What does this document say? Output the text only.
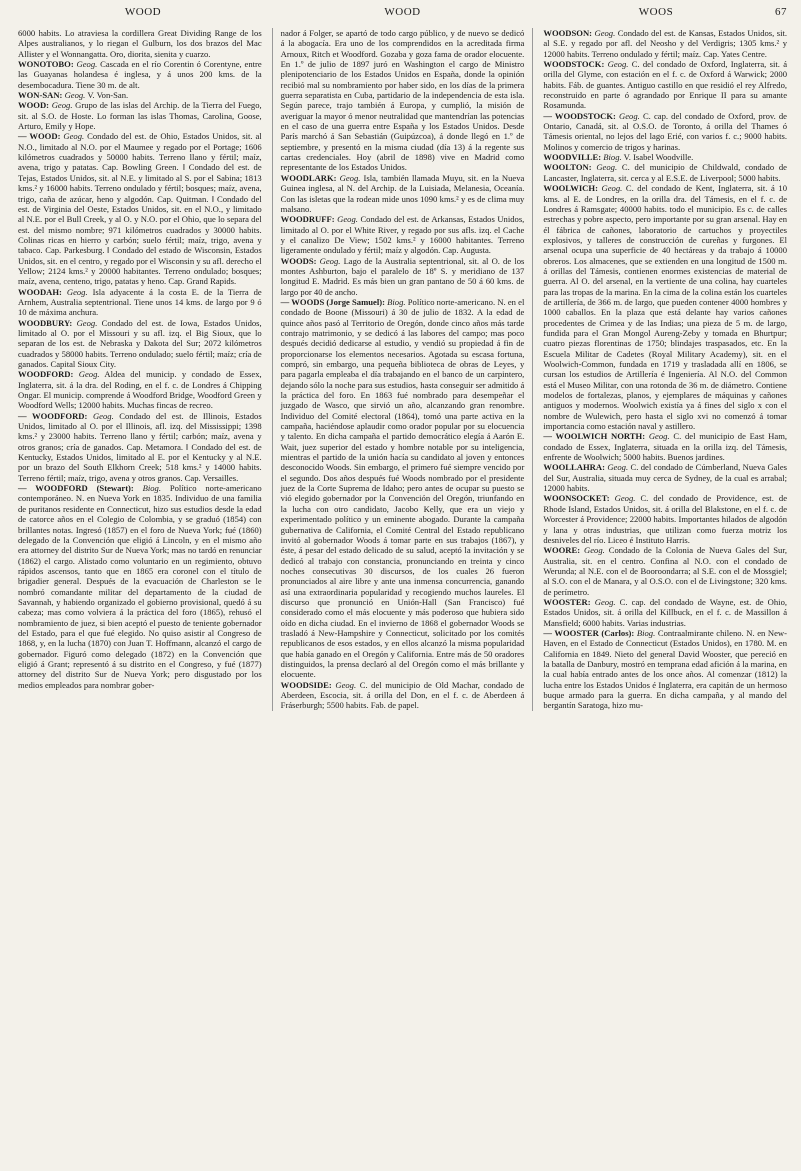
WOOD	WOOD	WOOS	67

6000 habits. Lo atraviesa la cordillera Great Dividing Range de los Alpes australianos, y lo riegan el Gulburn, los dos brazos del Mac Allister y el Wonnangatta. Oro, diorita, sienita y cuarzo.

WONOTOBO: Geog. Cascada en el río Corentin ó Corentyne, entre las Guayanas holandesa é inglesa, y á unos 200 kms. de la desembocadura. Tiene 30 m. de alt.

WON-SAN: Geog. V. Von-San.

WOOD: Geog. Grupo de las islas del Archip. de la Tierra del Fuego, sit. al S.O. de Hoste. Lo forman las islas Thomas, Carolina, Goose, Arturo, Emily y Hope.

— WOOD: Geog. Condado del est. de Ohio, Estados Unidos, sit. al N.O., limitado al N.O. por el Maumee y regado por el Portage; 1606 kilómetros cuadrados y 50000 habits. Terreno llano y fértil; maíz, avena, trigo y patatas. Cap. Bowling Green. ‖ Condado del est. de Tejas, Estados Unidos, sit. al N.E. y limitado al S. por el Sabina; 1813 kms.² y 16000 habits. Terreno ondulado y fértil; bosques; maíz, avena, trigo, caña de azúcar, heno y algodón. Cap. Quitman. ‖ Condado del est. de Virginia del Oeste, Estados Unidos, sit. en el N.O., y limitado al N.E. por el Bull Creek, y al O. y N.O. por el Ohio, que lo separa del est. del mismo nombre; 971 kilómetros cuadrados y 30000 habits. Colinas ricas en hierro y carbón; suelo fértil; maíz, trigo, avena y tabaco. Cap. Parkesburg. ‖ Condado del estado de Wisconsin, Estados Unidos, sit. en el centro, y regado por el Wisconsin y su afl. derecho el Yellow; 2124 kms.² y 20000 habitantes. Terreno ondulado; bosques; maíz, avena, centeno, trigo, patatas y heno. Cap. Grand Rapids.

WOODAH: Geog. Isla adyacente á la costa E. de la Tierra de Arnhem, Australia septentrional. Tiene unos 14 kms. de largo por 9 ó 10 de máxima anchura.

WOODBURY: Geog. Condado del est. de Iowa, Estados Unidos, limitado al O. por el Missouri y su afl. izq. el Big Sioux, que lo separan de los est. de Nebraska y Dakota del Sur; 2072 kilómetros cuadrados y 58000 habits. Terreno ondulado; suelo fértil; maíz; cría de ganados. Capital Sioux City.

WOODFORD: Geog. Aldea del municip. y condado de Essex, Inglaterra, sit. á la dra. del Roding, en el f. c. de Londres á Chipping Ongar. El municip. comprende á Woodford Bridge, Woodford Green y Woodford Wells; 12000 habits. Muchas fincas de recreo.

— WOODFORD: Geog. Condado del est. de Illinois, Estados Unidos, limitado al O. por el Illinois, afl. izq. del Mississippi; 1398 kms.² y 23000 habits. Terreno llano y fértil; carbón; maíz, avena y otros granos; cría de ganados. Cap. Metamora. ‖ Condado del est. de Kentucky, Estados Unidos, limitado al E. por el Kentucky y al N.E. por un brazo del South Elkhorn Creek; 518 kms.² y 14000 habits. Terreno fértil; maíz, trigo, avena y otros granos. Cap. Versailles.

— WOODFORD (Stewart): Biog. Político norte-americano contemporáneo. N. en Nueva York en 1835. Individuo de una familia de puritanos residente en Connecticut, hizo sus estudios desde la edad de catorce años en el Colegio de Colombia, y se graduó (1854) con brillantes notas. Ingresó (1857) en el foro de Nueva York; fué (1860) delegado de la Convención que eligió á Lincoln, y en el mismo año era attorney del distrito Sur de Nueva York; mas no tardó en renunciar (1862) el cargo. Alistado como voluntario en un regimiento, obtuvo rápidos ascensos, tanto que en 1865 era coronel con el título de brigadier general. Después de la evacuación de Charleston se le nombró comandante militar del departamento de la ciudad de Savannah, y habiendo organizado el gobierno provisional, quedó á su cabeza; mas como volviera á la práctica del foro (1865), rehusó el nombramiento de juez, si bien aceptó el puesto de teniente gobernador del Estado, para el que fué elegido. No quiso asistir al Congreso de 1868, y, en la lucha (1870) con Juan T. Hoffmann, alcanzó el cargo de gobernador. Figuró como delegado (1872) en la Convención que eligió á Grant; representó á su distrito en el Congreso, y fué (1877) attorney del distrito Sur de Nueva York; pero disgustado por los medios empleados para nombrar gober-

nador á Folger, se apartó de todo cargo público, y de nuevo se dedicó á la abogacía. Era uno de los comprendidos en la acreditada firma Arnoux, Ritch et Woodford. Gozaba y goza fama de orador elocuente. En 1.º de julio de 1897 juró en Washington el cargo de Ministro plenipotenciario de los Estados Unidos en España, donde la opinión recibió mal su nombramiento por haber sido, en los días de la primera guerra separatista en Cuba, partidario de la independencia de esta isla. Según parece, trajo también á Europa, y cumplió, la misión de averiguar la mayor ó menor neutralidad que mantendrían las potencias en el caso de una guerra entre España y los Estados Unidos. Desde París marchó á San Sebastián (Guipúzcoa), á donde llegó en 1.º de septiembre, y presentó en la misma ciudad (día 13) á la regente sus cartas credenciales. Hoy (abril de 1898) vive en Madrid como representante de los Estados Unidos.

WOODLARK: Geog. Isla, también llamada Muyu, sit. en la Nueva Guinea inglesa, al N. del Archip. de la Luisiada, Melanesia, Oceanía. Con las isletas que la rodean mide unos 1090 kms.² y es de clima muy malsano.

WOODRUFF: Geog. Condado del est. de Arkansas, Estados Unidos, limitado al O. por el White River, y regado por sus afls. izq. el Cache y el canalizo De View; 1502 kms.² y 16000 habitantes. Terreno ligeramente ondulado y fértil; maíz y algodón. Cap. Augusta.

WOODS: Geog. Lago de la Australia septentrional, sit. al O. de los montes Ashburton, bajo el paralelo de 18º S. y meridiano de 137 longitud E. Madrid. Es más bien un gran pantano de 50 á 60 kms. de largo por 40 de ancho.

— WOODS (Jorge Samuel): Biog. Político norte-americano. N. en el condado de Boone (Missouri) á 30 de julio de 1832. A la edad de quince años pasó al Territorio de Oregón, donde cinco años más tarde contrajo matrimonio, y se dedicó á las labores del campo; mas poco después decidió dedicarse al estudio, y vendió su propiedad á fin de proporcionarse los elementos necesarios. Agotada su escasa fortuna, compró, sin embargo, una pequeña biblioteca de obras de Leyes, y para pagarla empleaba el día trabajando en el banco de un carpintero, dejando sólo la noche para sus estudios, hasta conseguir ser admitido á la práctica del foro. En 1863 fué nombrado para desempeñar el juzgado de Wasco, que sirvió un año, alcanzando gran renombre. Individuo del Comité electoral (1864), tomó una parte activa en la campaña, haciéndose aplaudir como orador popular por su elocuencia y talento. En dicha campaña el partido democrático elegía á Aarón E. Wait, juez superior del estado y hombre notable por su inteligencia, mientras el partido de la unión hacía su candidato al joven y entonces desconocido Woods. Sin embargo, el primero fué siempre vencido por el segundo. Dos años después fué Woods nombrado por el presidente juez de la Corte Suprema de Idaho; pero antes de ocupar su puesto se vió elegido gobernador por la Convención del Oregón, triunfando en la lucha con otro candidato, Jacobo Kelly, que era un viejo y experimentado político y un eminente abogado. Durante la campaña gubernativa de California, el Comité Central del Estado republicano invitó al gobernador Woods á tomar parte en sus trabajos (1867), y éste, á pesar del estado delicado de su salud, aceptó la invitación y se dedicó al trabajo con constancia, pronunciando en treinta y cinco noches consecutivas 30 discursos, de los cuales 26 fueron pronunciados al aire libre y ante una inmensa concurrencia, ganando así una extraordinaria popularidad y recogiendo muchos laureles. El discurso que pronunció en Unión-Hall (San Francisco) fué considerado como el más elocuente y más poderoso que hubiera sido oído en dicha ciudad. En el invierno de 1868 el gobernador Woods se trasladó á New-Hampshire y Connecticut, solicitado por los comités republicanos de esos estados, y en ellos alcanzó la misma popularidad que había ganado en el Oregón y California. Entre más de 50 oradores distinguidos, la prensa declaró al del Oregón como el más brillante y elocuente.

WOODSIDE: Geog. C. del municipio de Old Machar, condado de Aberdeen, Escocia, sit. á orilla del Don, en el f. c. de Aberdeen á Fráserburgh; 5500 habits. Fab. de papel.

WOODSON: Geog. Condado del est. de Kansas, Estados Unidos, sit. al S.E. y regado por afl. del Neosho y del Verdigris; 1305 kms.² y 12000 habits. Terreno ondulado y fértil; maíz. Cap. Yates Centre.

WOODSTOCK: Geog. C. del condado de Oxford, Inglaterra, sit. á orilla del Glyme, con estación en el f. c. de Oxford á Warwick; 2000 habits. Fáb. de guantes. Antiguo castillo en que residió el rey Alfredo, reconstruido en parte ó agrandado por Enrique II para su amante Rosamunda.

— WOODSTOCK: Geog. C. cap. del condado de Oxford, prov. de Ontario, Canadá, sit. al O.S.O. de Toronto, á orilla del Thames ó Támesis oriental, no lejos del lago Erié, con varios f. c.; 9000 habits. Molinos y comercio de trigos y harinas.

WOODVILLE: Biog. V. Isabel Woodville.

WOOLTON: Geog. C. del municipio de Childwald, condado de Lancaster, Inglaterra, sit. cerca y al E.S.E. de Liverpool; 5000 habits.

WOOLWICH: Geog. C. del condado de Kent, Inglaterra, sit. á 10 kms. al E. de Londres, en la orilla dra. del Támesis, en el f. c. de Londres á Ramsgate; 40000 habits. todo el municipio. Es c. de calles estrechas y pobre aspecto, pero importante por su gran arsenal. Hay en él fábrica de cañones, laboratorio de cartuchos y proyectiles explosivos, y talleres de construcción de cureñas y furgones. El arsenal ocupa una superficie de 40 hectáreas y da trabajo á 10000 obreros. Los almacenes, que se extienden en una longitud de 1500 m. á orillas del Támesis, contienen enormes existencias de material de guerra. Al O. del arsenal, en la vertiente de una colina, hay cuarteles para las tropas de la marina. En la cima de la colina están los cuarteles de artillería, de 366 m. de largo, que pueden contener 4000 hombres y 1000 caballos. En la plaza que está delante hay varios cañones procedentes de Crimea y de las Indias; una pieza de 5 m. de largo, fundida para el Gran Mongol Aureng-Zeby y tomada en Bhurtpur; cuatro piezas florentinas de 1750; blindajes traspasados, etc. En la Escuela Militar de Cadetes (Royal Military Academy), sit. en el Woolwich-Common, fundada en 1719 y trasladada allí en 1806, se cursan los estudios de Artillería é Ingeniería. Al N.O. del Common está el Museo Militar, con una rotonda de 36 m. de diámetro. Contiene modelos de fortalezas, planos, y ejemplares de máquinas y cañones antiguos y modernos. Woolwich existía ya á fines del siglo x con el nombre de Wulewich, pero hasta el siglo xvi no comenzó á tomar importancia como estación naval y astillero.

— WOOLWICH NORTH: Geog. C. del municipio de East Ham, condado de Essex, Inglaterra, situada en la orilla izq. del Támesis, enfrente de Woolwich; 5000 habits. Buenos jardines.

WOOLLAHRA: Geog. C. del condado de Cúmberland, Nueva Gales del Sur, Australia, situada muy cerca de Sydney, de la cual es arrabal; 12000 habits.

WOONSOCKET: Geog. C. del condado de Providence, est. de Rhode Island, Estados Unidos, sit. á orilla del Blakstone, en el f. c. de Worcester á Providence; 22000 habits. Importantes hilados de algodón y lana y otras industrias, que utilizan como fuerza motriz los desniveles del río. Liceo é Instituto Harris.

WOORE: Geog. Condado de la Colonia de Nueva Gales del Sur, Australia, sit. en el centro. Confina al N.O. con el condado de Werunda; al N.E. con el de Booroondarra; al S.E. con el de Mossgiel; al S.O. con el de Manara, y al O.S.O. con el de Livingstone; 320 kms. de perímetro.

WOOSTER: Geog. C. cap. del condado de Wayne, est. de Ohio, Estados Unidos, sit. á orilla del Killbuck, en el f. c. de Massillon á Mansfield; 6000 habits. Varias industrias.

— WOOSTER (Carlos): Biog. Contraalmirante chileno. N. en New-Haven, en el Estado de Connecticut (Estados Unidos), en 1780. M. en California en 1849. Nieto del general David Wooster, que pereció en la batalla de Danbury, mostró en temprana edad afición á la marina, en la cual había entrado antes de los once años. Al comenzar (1812) la lucha entre los Estados Unidos é Inglaterra, era capitán de un hermoso buque armado para la guerra. En dicha campaña, y al mando del bergantín Saratoga, hizo mu-
